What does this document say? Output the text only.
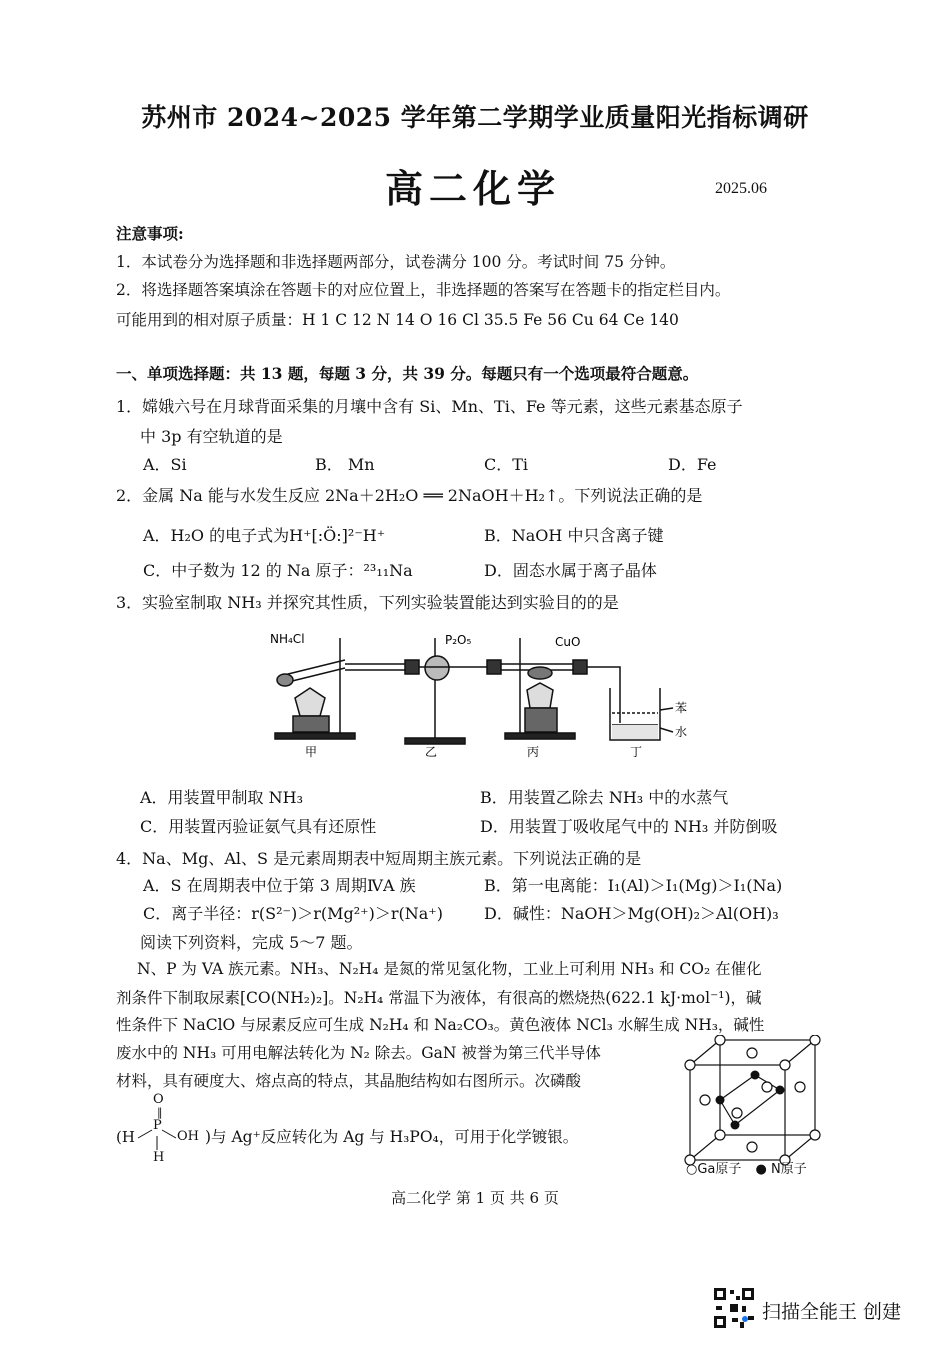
苏州市 2024~2025 学年第二学期学业质量阳光指标调研
高二化学	2025.06
注意事项:
1．本试卷分为选择题和非选择题两部分，试卷满分 100 分。考试时间 75 分钟。
2．将选择题答案填涂在答题卡的对应位置上，非选择题的答案写在答题卡的指定栏目内。
可能用到的相对原子质量：H 1 C 12 N 14 O 16 Cl 35.5 Fe 56 Cu 64 Ce 140
一、单项选择题：共 13 题，每题 3 分，共 39 分。每题只有一个选项最符合题意。
1．嫦娥六号在月球背面采集的月壤中含有 Si、Mn、Ti、Fe 等元素，这些元素基态原子
中 3p 有空轨道的是
A．Si	B． Mn	C．Ti	D．Fe
2．金属 Na 能与水发生反应 2Na＋2H₂O ══ 2NaOH＋H₂↑。下列说法正确的是
A．H₂O 的电子式为H⁺[:Ö:]²⁻H⁺	B．NaOH 中只含离子键
C．中子数为 12 的 Na 原子：²³₁₁Na	D．固态水属于离子晶体
3．实验室制取 NH₃ 并探究其性质，下列实验装置能达到实验目的的是
NH₄Cl	P₂O₅	CuO
苯
水
甲	乙	丙	丁
A．用装置甲制取 NH₃	B．用装置乙除去 NH₃ 中的水蒸气
C．用装置丙验证氨气具有还原性	D．用装置丁吸收尾气中的 NH₃ 并防倒吸
4．Na、Mg、Al、S 是元素周期表中短周期主族元素。下列说法正确的是
A．S 在周期表中位于第 3 周期ⅣA 族	B．第一电离能：I₁(Al)＞I₁(Mg)＞I₁(Na)
C．离子半径：r(S²⁻)＞r(Mg²⁺)＞r(Na⁺)	D．碱性：NaOH＞Mg(OH)₂＞Al(OH)₃
阅读下列资料，完成 5～7 题。
N、P 为 VA 族元素。NH₃、N₂H₄ 是氮的常见氢化物，工业上可利用 NH₃ 和 CO₂ 在催化
剂条件下制取尿素[CO(NH₂)₂]。N₂H₄ 常温下为液体，有很高的燃烧热(622.1 kJ·mol⁻¹)，碱
性条件下 NaClO 与尿素反应可生成 N₂H₄ 和 Na₂CO₃。黄色液体 NCl₃ 水解生成 NH₃，碱性
废水中的 NH₃ 可用电解法转化为 N₂ 除去。GaN 被誉为第三代半导体
材料，具有硬度大、熔点高的特点，其晶胞结构如右图所示。次磷酸
O
‖
P
(H	OH
H
)与 Ag⁺反应转化为 Ag 与 H₃PO₄，可用于化学镀银。
○Ga原子 ● N原子
高二化学 第 1 页 共 6 页
扫描全能王 创建
